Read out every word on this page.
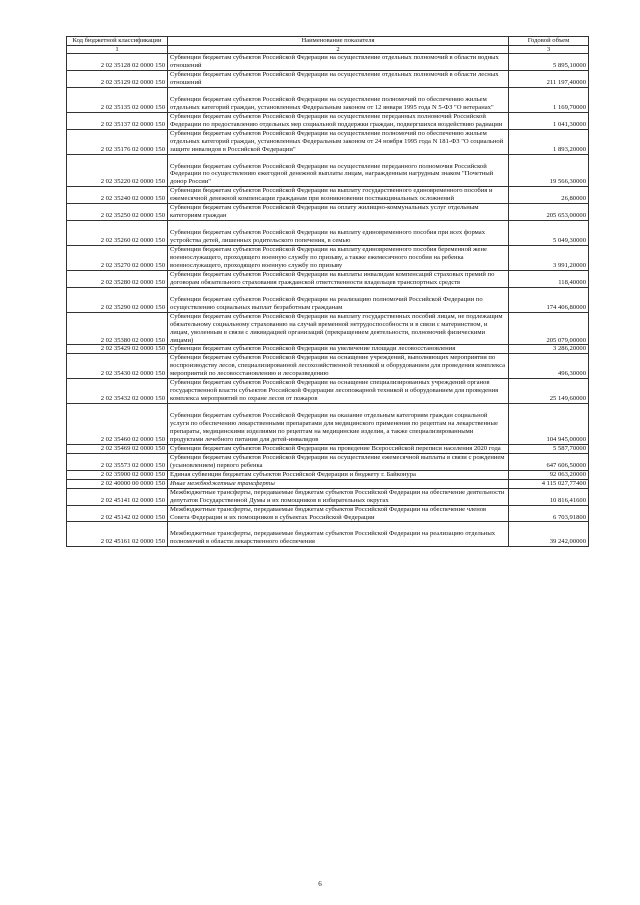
Код бюджетной классификации	Наименование показателя	Годовой объем
1	2	3
2 02 35128 02 0000 150	Субвенции бюджетам субъектов Российской Федерации на осуществление отдельных полномочий в области водных отношений	5 895,10000
2 02 35129 02 0000 150	Субвенции бюджетам субъектов Российской Федерации на осуществление отдельных полномочий в области лесных отношений	211 197,40000
2 02 35135 02 0000 150	Субвенции бюджетам субъектов Российской Федерации на осуществление полномочий по обеспечению жильем отдельных категорий граждан, установленных Федеральным законом от 12 января 1995 года N 5-ФЗ "О ветеранах"	1 169,70000
2 02 35137 02 0000 150	Субвенции бюджетам субъектов Российской Федерации на осуществление переданных полномочий Российской Федерации по предоставлению отдельных мер социальной поддержки граждан, подвергшихся воздействию радиации	1 041,30000
2 02 35176 02 0000 150	Субвенции бюджетам субъектов Российской Федерации на осуществление полномочий по обеспечению жильем отдельных категорий граждан, установленных Федеральным законом от 24 ноября 1995 года N 181-ФЗ "О социальной защите инвалидов в Российской Федерации"	1 893,20000
2 02 35220 02 0000 150	Субвенции бюджетам субъектов Российской Федерации на осуществление переданного полномочия Российской Федерации по осуществлению ежегодной денежной выплаты лицам, награжденным нагрудным знаком "Почетный донор России"	19 566,30000
2 02 35240 02 0000 150	Субвенции бюджетам субъектов Российской Федерации на выплату государственного единовременного пособия и ежемесячной денежной компенсации гражданам при возникновении поствакцинальных осложнений	26,80000
2 02 35250 02 0000 150	Субвенции бюджетам субъектов Российской Федерации на оплату жилищно-коммунальных услуг отдельным категориям граждан	205 653,00000
2 02 35260 02 0000 150	Субвенции бюджетам субъектов Российской Федерации на выплату единовременного пособия при всех формах устройства детей, лишенных родительского попечения, в семью	5 049,30000
2 02 35270 02 0000 150	Субвенции бюджетам субъектов Российской Федерации на выплату единовременного пособия беременной жене военнослужащего, проходящего военную службу по призыву, а также ежемесячного пособия на ребенка военнослужащего, проходящего военную службу по призыву	3 991,20000
2 02 35280 02 0000 150	Субвенции бюджетам субъектов Российской Федерации на выплаты инвалидам компенсаций страховых премий по договорам обязательного страхования гражданской ответственности владельцев транспортных средств	118,40000
2 02 35290 02 0000 150	Субвенции бюджетам субъектов Российской Федерации на реализацию полномочий Российской Федерации по осуществлению социальных выплат безработным гражданам	174 406,80000
2 02 35380 02 0000 150	Субвенции бюджетам субъектов Российской Федерации на выплату государственных пособий лицам, не подлежащим обязательному социальному страхованию на случай временной нетрудоспособности и в связи с материнством, и лицам, уволенным в связи с ликвидацией организаций (прекращением деятельности, полномочий физическими лицами)	205 079,00000
2 02 35429 02 0000 150	Субвенции бюджетам субъектов Российской Федерации на увеличение площади лесовосстановления	3 286,20000
2 02 35430 02 0000 150	Субвенции бюджетам субъектов Российской Федерации на оснащение учреждений, выполняющих мероприятия по воспроизводству лесов, специализированной лесохозяйственной техникой и оборудованием для проведения комплекса мероприятий по лесовосстановлению и лесоразведению	496,30000
2 02 35432 02 0000 150	Субвенции бюджетам субъектов Российской Федерации на оснащение специализированных учреждений органов государственной власти субъектов Российской Федерации лесопожарной техникой и оборудованием для проведения комплекса мероприятий по охране лесов от пожаров	25 149,60000
2 02 35460 02 0000 150	Субвенции бюджетам субъектов Российской Федерации на оказание отдельным категориям граждан социальной услуги по обеспечению лекарственными препаратами для медицинского применения по рецептам на лекарственные препараты, медицинскими изделиями по рецептам на медицинские изделия, а также специализированными продуктами лечебного питания для детей-инвалидов	104 945,00000
2 02 35469 02 0000 150	Субвенции бюджетам субъектов Российской Федерации на проведение Всероссийской переписи населения 2020 года	5 587,70000
2 02 35573 02 0000 150	Субвенции бюджетам субъектов Российской Федерации на осуществление ежемесячной выплаты в связи с рождением (усыновлением) первого ребенка	647 606,50000
2 02 35900 02 0000 150	Единая субвенция бюджетам субъектов Российской Федерации и бюджету г. Байконура	92 063,20000
2 02 40000 00 0000 150	Иные межбюджетные трансферты	4 115 027,77400
2 02 45141 02 0000 150	Межбюджетные трансферты, передаваемые бюджетам субъектов Российской Федерации на обеспечение деятельности депутатов Государственной Думы и их помощников в избирательных округах	10 816,41600
2 02 45142 02 0000 150	Межбюджетные трансферты, передаваемые бюджетам субъектов Российской Федерации на обеспечение членов Совета Федерации и их помощников в субъектах Российской Федерации	6 703,91800
2 02 45161 02 0000 150	Межбюджетные трансферты, передаваемые бюджетам субъектов Российской Федерации на реализацию отдельных полномочий в области лекарственного обеспечения	39 242,00000
6
